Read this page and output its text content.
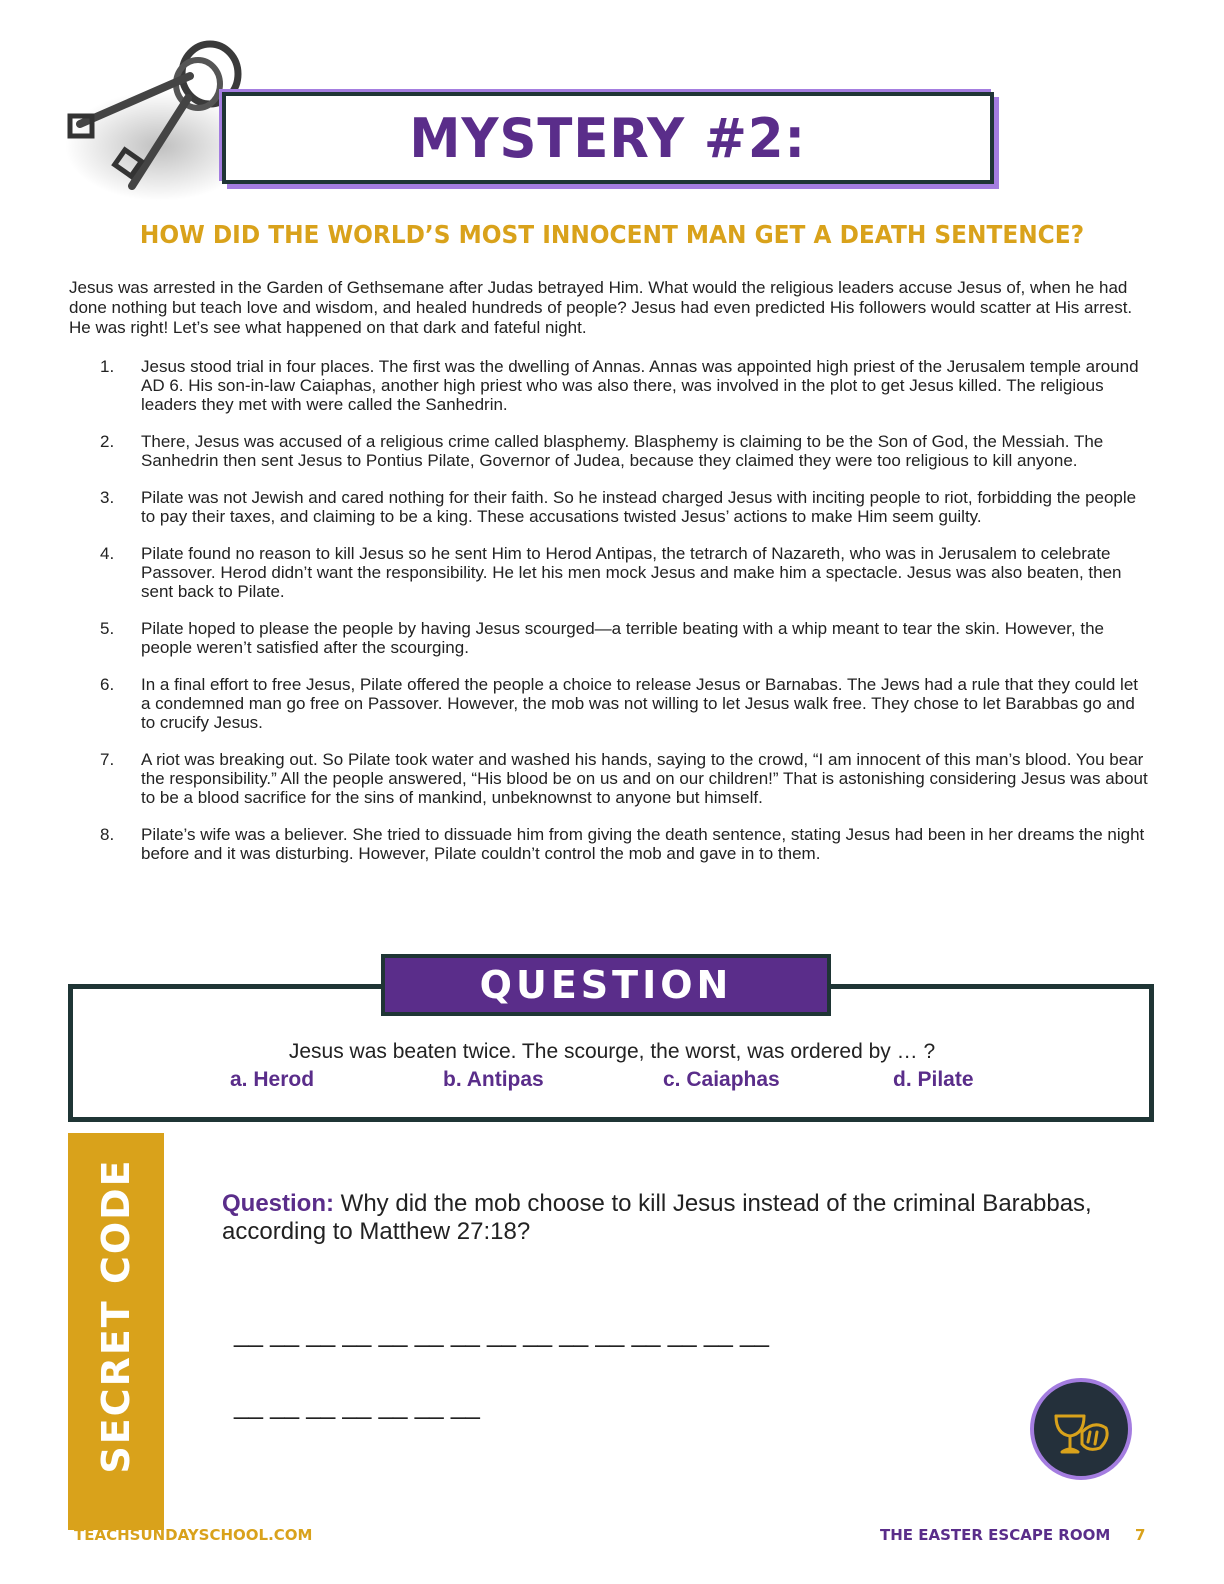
MYSTERY #2:
HOW DID THE WORLD’S MOST INNOCENT MAN GET A DEATH SENTENCE?

Jesus was arrested in the Garden of Gethsemane after Judas betrayed Him. What would the religious leaders accuse Jesus of, when he had done nothing but teach love and wisdom, and healed hundreds of people? Jesus had even predicted His followers would scatter at His arrest. He was right! Let’s see what happened on that dark and fateful night.

1.	Jesus stood trial in four places. The first was the dwelling of Annas. Annas was appointed high priest of the Jerusalem temple around AD 6. His son-in-law Caiaphas, another high priest who was also there, was involved in the plot to get Jesus killed. The religious leaders they met with were called the Sanhedrin.
2.	There, Jesus was accused of a religious crime called blasphemy. Blasphemy is claiming to be the Son of God, the Messiah. The Sanhedrin then sent Jesus to Pontius Pilate, Governor of Judea, because they claimed they were too religious to kill anyone.
3.	Pilate was not Jewish and cared nothing for their faith. So he instead charged Jesus with inciting people to riot, forbidding the people to pay their taxes, and claiming to be a king. These accusations twisted Jesus’ actions to make Him seem guilty.
4.	Pilate found no reason to kill Jesus so he sent Him to Herod Antipas, the tetrarch of Nazareth, who was in Jerusalem to celebrate Passover. Herod didn’t want the responsibility. He let his men mock Jesus and make him a spectacle. Jesus was also beaten, then sent back to Pilate.
5.	Pilate hoped to please the people by having Jesus scourged—a terrible beating with a whip meant to tear the skin. However, the people weren’t satisfied after the scourging.
6.	In a final effort to free Jesus, Pilate offered the people a choice to release Jesus or Barnabas. The Jews had a rule that they could let a condemned man go free on Passover. However, the mob was not willing to let Jesus walk free. They chose to let Barabbas go and to crucify Jesus.
7.	A riot was breaking out. So Pilate took water and washed his hands, saying to the crowd, “I am innocent of this man’s blood. You bear the responsibility.” All the people answered, “His blood be on us and on our children!” That is astonishing considering Jesus was about to be a blood sacrifice for the sins of mankind, unbeknownst to anyone but himself.
8.	Pilate’s wife was a believer. She tried to dissuade him from giving the death sentence, stating Jesus had been in her dreams the night before and it was disturbing. However, Pilate couldn’t control the mob and gave in to them.
QUESTION
Jesus was beaten twice. The scourge, the worst, was ordered by … ?
a. Herod	b. Antipas	c. Caiaphas	d. Pilate
SECRET CODE	Question: Why did the mob choose to kill Jesus instead of the criminal Barabbas, according to Matthew 27:18?
__ __ __ __ __ __ __ __ __ __ __ __ __ __ __
__ __ __ __ __ __ __
TEACHSUNDAYSCHOOL.COM	THE EASTER ESCAPE ROOM 7
